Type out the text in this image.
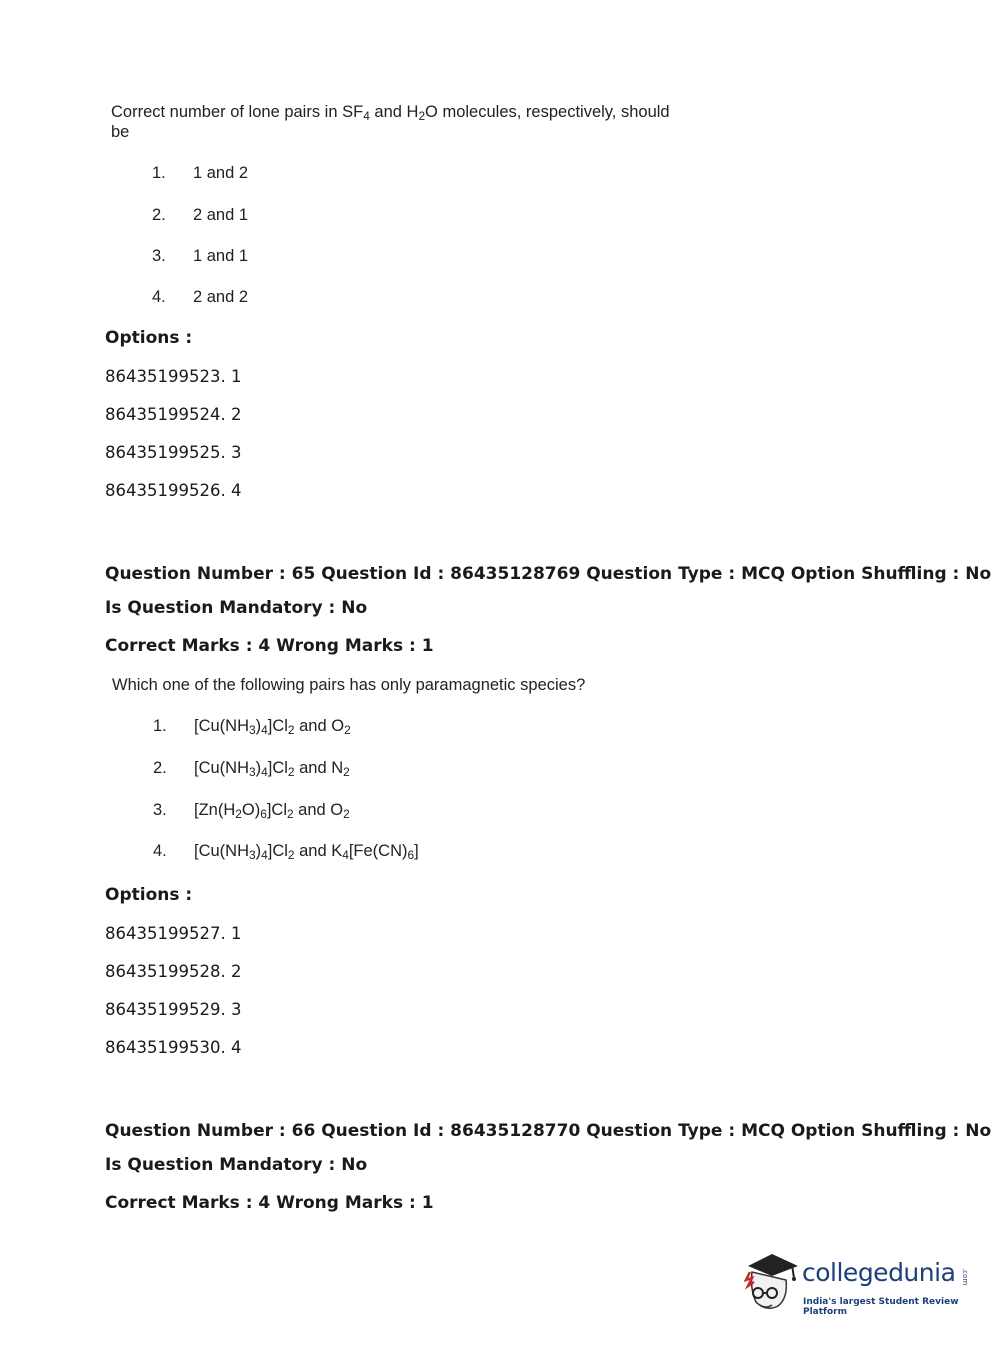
Correct number of lone pairs in $SF_4$ and $H_2O$ molecules, respectively, should
be
1. 1 and 2
2. 2 and 1
3. 1 and 1
4. 2 and 2
Options :
86435199523. 1
86435199524. 2
86435199525. 3
86435199526. 4
Question Number : 65 Question Id : 86435128769 Question Type : MCQ Option Shuffling : No
Is Question Mandatory : No
Correct Marks : 4 Wrong Marks : 1
Which one of the following pairs has only paramagnetic species?
1. $[Cu(NH_3)_4]Cl_2$ and $O_2$
2. $[Cu(NH_3)_4]Cl_2$ and $N_2$
3. $[Zn(H_2O)_6]Cl_2$ and $O_2$
4. $[Cu(NH_3)_4]Cl_2$ and $K_4[Fe(CN)_6]$
Options :
86435199527. 1
86435199528. 2
86435199529. 3
86435199530. 4
Question Number : 66 Question Id : 86435128770 Question Type : MCQ Option Shuffling : No
Is Question Mandatory : No
Correct Marks : 4 Wrong Marks : 1
collegedunia .com
India's largest Student Review Platform
